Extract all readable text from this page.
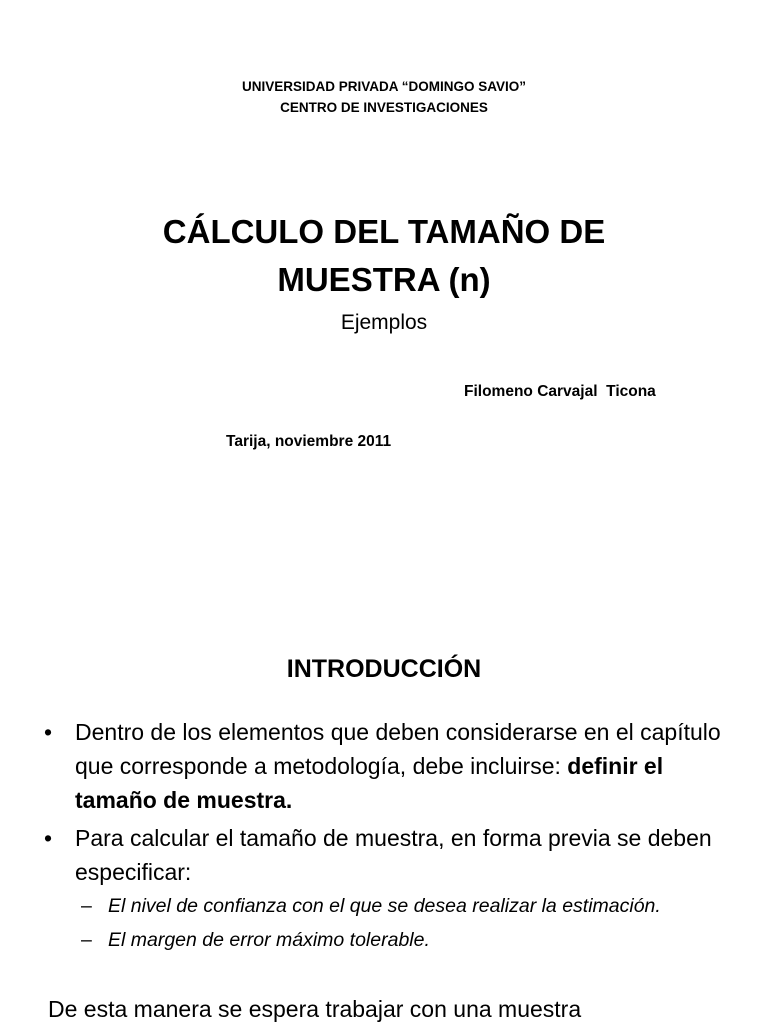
UNIVERSIDAD PRIVADA “DOMINGO SAVIO”
CENTRO DE INVESTIGACIONES
CÁLCULO DEL TAMAÑO DE MUESTRA (n)
Ejemplos
Filomeno Carvajal  Ticona
Tarija, noviembre 2011
INTRODUCCIÓN
• Dentro de los elementos que deben considerarse en el capítulo que corresponde a metodología, debe incluirse: definir el tamaño de muestra.
• Para calcular el tamaño de muestra, en forma previa se deben especificar:
– El nivel de confianza con el que se desea realizar la estimación.
– El margen de error máximo tolerable.
De esta manera se espera trabajar con una muestra
